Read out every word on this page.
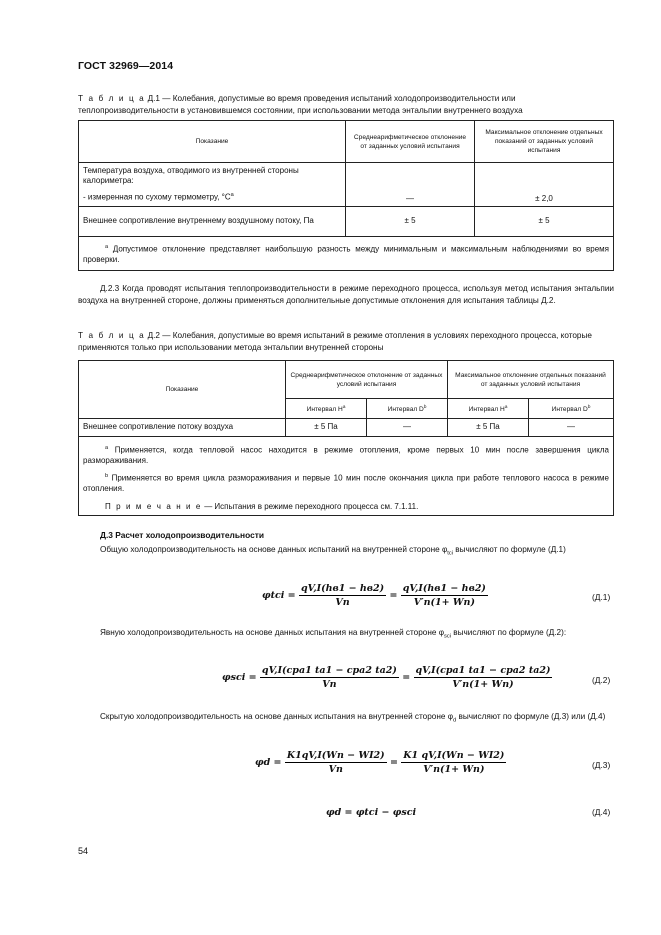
ГОСТ 32969—2014
Т а б л и ц а Д.1 — Колебания, допустимые во время проведения испытаний холодопроизводительности или теплопроизводительности в установившемся состоянии, при использовании метода энтальпии внутреннего воздуха
Показание	Среднеарифметическое отклонение от заданных условий испытания	Максимальное отклонение отдельных показаний от заданных условий испытания

Температура воздуха, отводимого из внутренней стороны калориметра:
- измеренная по сухому термометру, $^\circ С^a$	—	± 2,0
Внешнее сопротивление внутреннему воздушному потоку, Па	± 5	± 5
$^a$ Допустимое отклонение представляет наибольшую разность между минимальным и максимальным наблюдениями во время проверки.		
Д.2.3 Когда проводят испытания теплопроизводительности в режиме переходного процесса, используя метод испытания энтальпии воздуха на внутренней стороне, должны применяться дополнительные допустимые отклонения для испытания таблицы Д.2.
Т а б л и ц а Д.2 — Колебания, допустимые во время испытаний в режиме отопления в условиях переходного процесса, которые применяются только при использовании метода энтальпии внутренней стороны
Показание	Среднеарифметическое отклонение от заданных условий испытания		Максимальное отклонение отдельных показаний от заданных условий испытания	
	Интервал $H^a$	Интервал $D^b$	Интервал $H^a$	Интервал $D^b$
Внешнее сопротивление потоку воздуха	± 5 Па	—	± 5 Па	—

$^a$ Применяется, когда тепловой насос находится в режиме отопления, кроме первых 10 мин после завершения цикла размораживания.
$^b$ Применяется во время цикла размораживания и первые 10 мин после окончания цикла при работе теплового насоса в режиме отопления.
П р и м е ч а н и е — Испытания в режиме переходного процесса см. 7.1.11.				
Д.3 Расчет холодопроизводительности
Общую холодопроизводительность на основе данных испытаний на внутренней стороне $\varphi_{tci}$ вычисляют по формуле (Д.1)
$\varphi tci = \frac{qV,I(hв1 - hв2)}{Vn} = \frac{qV,I(hв1 - hв2)}{V'n(1+ Wn)}$	(Д.1)
Явную холодопроизводительность на основе данных испытания на внутренней стороне $\varphi_{sci}$ вычисляют по формуле (Д.2):
$\varphi sci = \frac{\text{qV,I(cpa1 ta1 − cpa2 ta2)}}{Vn} = \frac{\text{qV,I(cpa1 ta1 − cpa2 ta2)}}{V'n(1+ Wn)}$	(Д.2)
Скрытую холодопроизводительность на основе данных испытания на внутренней стороне $\varphi_d$ вычисляют по формуле (Д.3) или (Д.4)
$\varphi d = \frac{K1qV,I(Wn - WI2)}{Vn} = \frac{K1 qV,I(Wn - WI2)}{V'n(1+ Wn)}$	(Д.3)
φd = φtci − φsci	(Д.4)
54
